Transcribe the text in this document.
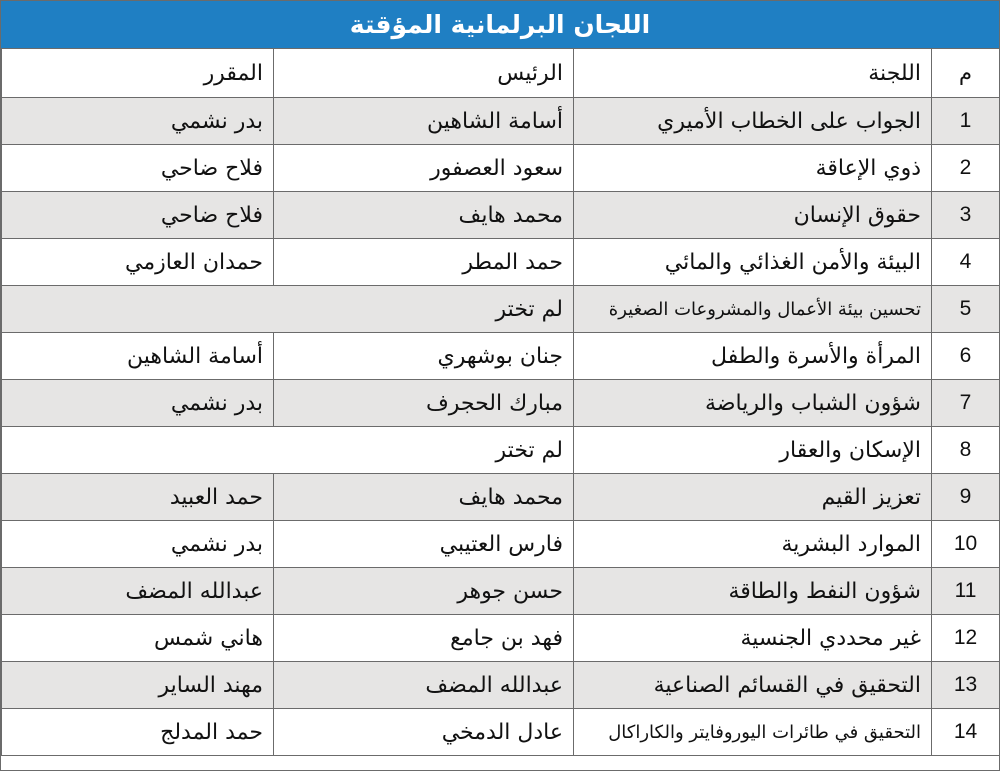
اللجان البرلمانية المؤقتة
م	اللجنة	الرئيس	المقرر
1	الجواب على الخطاب الأميري	أسامة الشاهين	بدر نشمي
2	ذوي الإعاقة	سعود العصفور	فلاح ضاحي
3	حقوق الإنسان	محمد هايف	فلاح ضاحي
4	البيئة والأمن الغذائي والمائي	حمد المطر	حمدان العازمي
5	تحسين بيئة الأعمال والمشروعات الصغيرة	لم تختر	
6	المرأة والأسرة والطفل	جنان بوشهري	أسامة الشاهين
7	شؤون الشباب والرياضة	مبارك الحجرف	بدر نشمي
8	الإسكان والعقار	لم تختر	
9	تعزيز القيم	محمد هايف	حمد العبيد
10	الموارد البشرية	فارس العتيبي	بدر نشمي
11	شؤون النفط والطاقة	حسن جوهر	عبدالله المضف
12	غير محددي الجنسية	فهد بن جامع	هاني شمس
13	التحقيق في القسائم الصناعية	عبدالله المضف	مهند الساير
14	التحقيق في طائرات اليوروفايتر والكاراكال	عادل الدمخي	حمد المدلج
